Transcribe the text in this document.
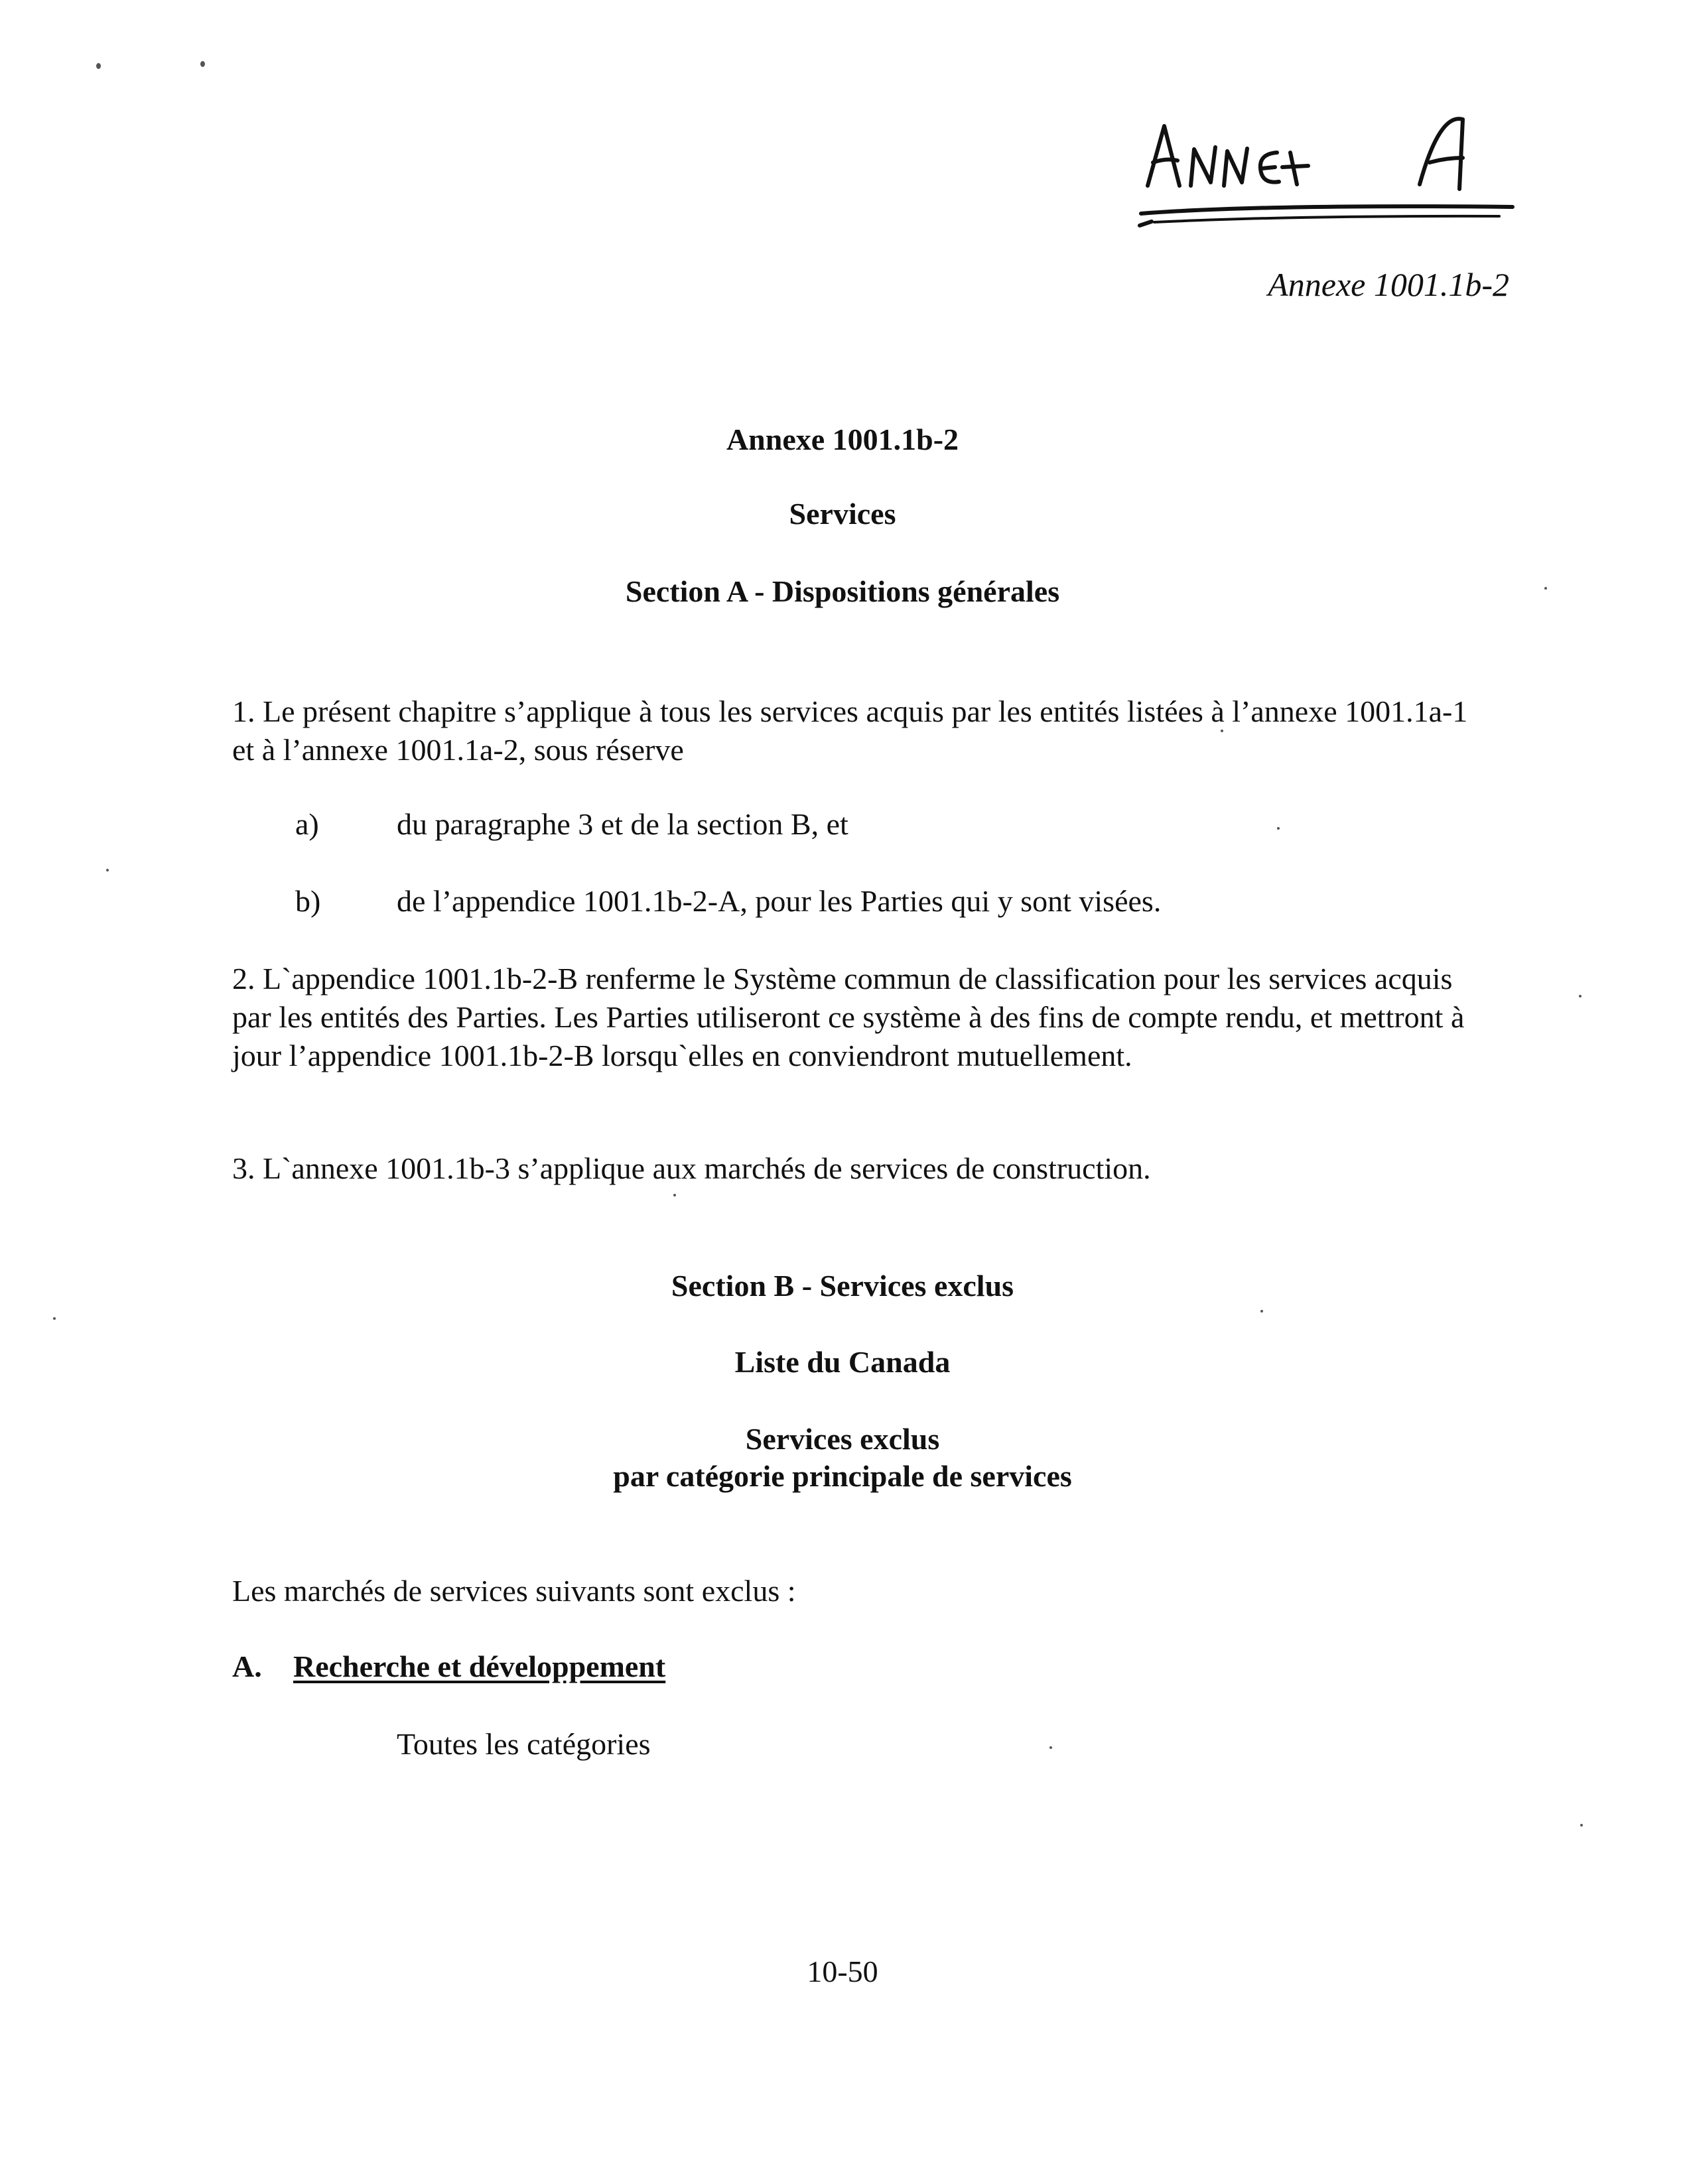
Annexe 1001.1b-2
Annexe 1001.1b-2
Services
Section A - Dispositions générales
1. Le présent chapitre s’applique à tous les services acquis par les entités listées à l’annexe 1001.1a-1 et à l’annexe 1001.1a-2, sous réserve
a)	du paragraphe 3 et de la section B, et
b) de l’appendice 1001.1b-2-A, pour les Parties qui y sont visées.
2. L`appendice 1001.1b-2-B renferme le Système commun de classification pour les services acquis par les entités des Parties. Les Parties utiliseront ce système à des fins de compte rendu, et mettront à jour l’appendice 1001.1b-2-B lorsqu`elles en conviendront mutuellement.
3. L`annexe 1001.1b-3 s’applique aux marchés de services de construction.
Section B - Services exclus
Liste du Canada
Services exclus
par catégorie principale de services
Les marchés de services suivants sont exclus :
A. Recherche et développement
Toutes les catégories
10-50
